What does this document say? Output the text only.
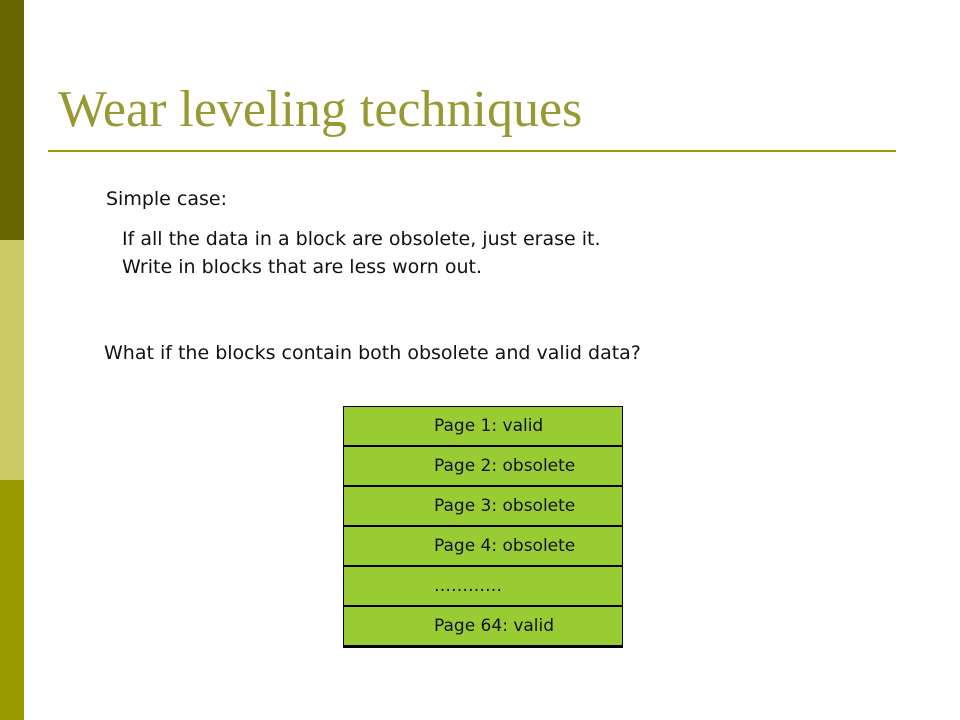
Wear leveling techniques
Simple case:
If all the data in a block are obsolete, just erase it.
Write in blocks that are less worn out.
What if the blocks contain both obsolete and valid data?
Page 1: valid
Page 2: obsolete
Page 3: obsolete
Page 4: obsolete
…………
Page 64: valid
